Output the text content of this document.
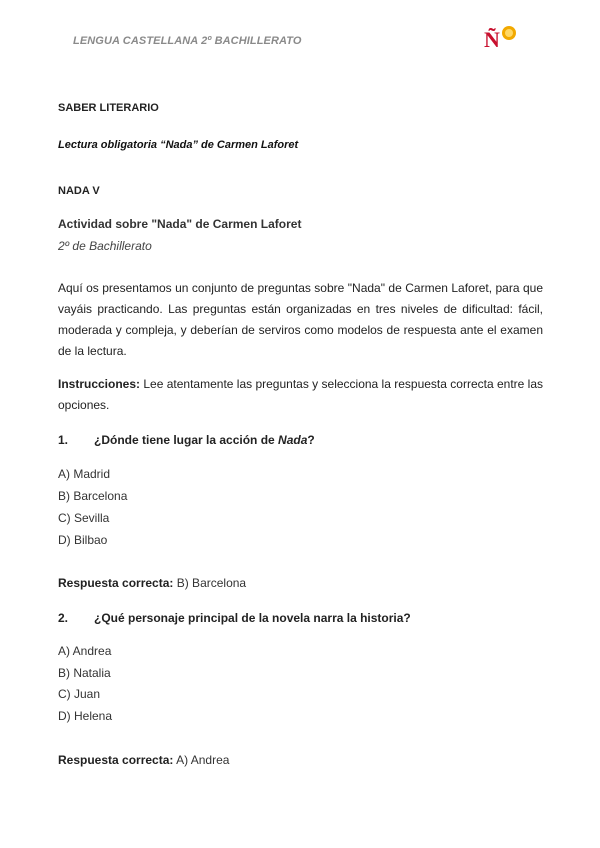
LENGUA CASTELLANA 2º BACHILLERATO	Ñ
SABER LITERARIO
Lectura obligatoria “Nada” de Carmen Laforet
NADA V
Actividad sobre "Nada" de Carmen Laforet
2º de Bachillerato

Aquí os presentamos un conjunto de preguntas sobre "Nada" de Carmen Laforet, para que vayáis practicando. Las preguntas están organizadas en tres niveles de dificultad: fácil, moderada y compleja, y deberían de serviros como modelos de respuesta ante el examen de la lectura.

Instrucciones: Lee atentamente las preguntas y selecciona la respuesta correcta entre las opciones.

1. ¿Dónde tiene lugar la acción de Nada?
A) Madrid
B) Barcelona
C) Sevilla
D) Bilbao
Respuesta correcta: B) Barcelona
2. ¿Qué personaje principal de la novela narra la historia?
A) Andrea
B) Natalia
C) Juan
D) Helena
Respuesta correcta: A) Andrea
